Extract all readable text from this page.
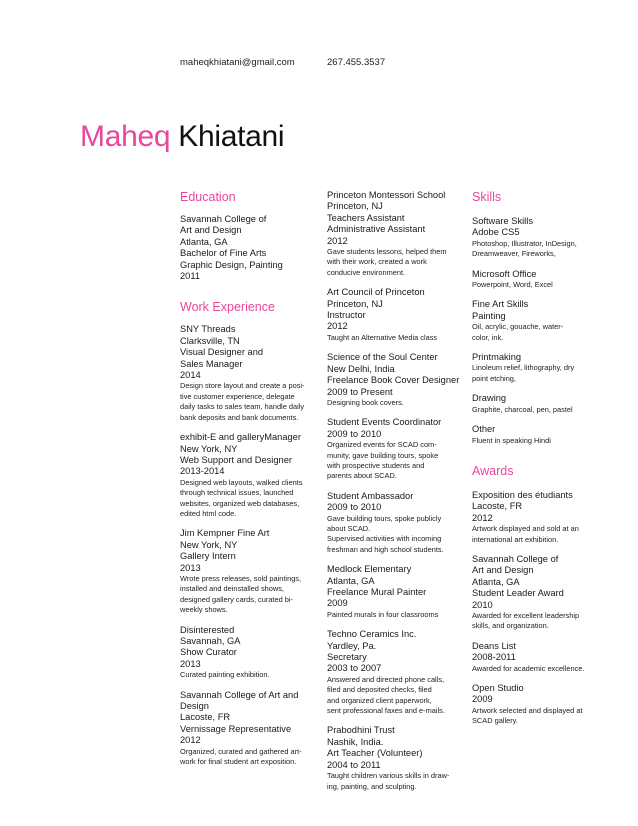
maheqkhiatani@gmail.com	267.455.3537
Maheq Khiatani
Education
Savannah College of
Art and Design
Atlanta, GA
Bachelor of Fine Arts
Graphic Design, Painting
2011
Work Experience
SNY Threads
Clarksville, TN
Visual Designer and
Sales Manager
2014
Design store layout and create a posi-
tive customer experience, delegate
daily tasks to sales team, handle daily
bank deposits and bank documents.
exhibit-E and galleryManager
New York, NY
Web Support and Designer
2013-2014
Designed web layouts, walked clients
through technical issues, launched
websites, organized web databases,
edited html code.
Jim Kempner Fine Art
New York, NY
Gallery Intern
2013
Wrote press releases, sold paintings,
installed and deinstalled shows,
designed gallery cards, curated bi-
weekly shows.
Disinterested
Savannah, GA
Show Curator
2013
Curated painting exhibition.
Savannah College of Art and
Design
Lacoste, FR
Vernissage Representative
2012
Organized, curated and gathered art-
work for final student art exposition.
Princeton Montessori School
Princeton, NJ
Teachers Assistant
Administrative Assistant
2012
Gave students lessons, helped them
with their work, created a work
conducive environment.
Art Council of Princeton
Princeton, NJ
Instructor
2012
Taught an Alternative Media class
Science of the Soul Center
New Delhi, India
Freelance Book Cover Designer
2009 to Present
Designing book covers.
Student Events Coordinator
2009 to 2010
Organized events for SCAD com-
munity, gave building tours, spoke
with prospective students and
parents about SCAD.
Student Ambassador
2009 to 2010
Gave building tours, spoke publicly
about SCAD.
Supervised activities with incoming
freshman and high school students.
Medlock Elementary
Atlanta, GA
Freelance Mural Painter
2009
Painted murals in four classrooms
Techno Ceramics Inc.
Yardley, Pa.
Secretary
2003 to 2007
Answered and directed phone calls,
filed and deposited checks, filed
and organized client paperwork,
sent professional faxes and e-mails.
Prabodhini Trust
Nashik, India.
Art Teacher (Volunteer)
2004 to 2011
Taught children various skills in draw-
ing, painting, and sculpting.
Skills
Software Skills
Adobe CS5
Photoshop, Illustrator, InDesign,
Dreamweaver, Fireworks,
Microsoft Office
Powerpoint, Word, Excel
Fine Art Skills
Painting
Oil, acrylic, gouache, water-
color, ink.
Printmaking
Linoleum relief, lithography, dry
point etching,
Drawing
Graphite, charcoal, pen, pastel
Other
Fluent in speaking Hindi
Awards
Exposition des étudiants
Lacoste, FR
2012
Artwork displayed and sold at an
international art exhibition.
Savannah College of
Art and Design
Atlanta, GA
Student Leader Award
2010
Awarded for excellent leadership
skills, and organization.
Deans List
2008-2011
Awarded for academic excellence.
Open Studio
2009
Artwork selected and displayed at
SCAD gallery.
